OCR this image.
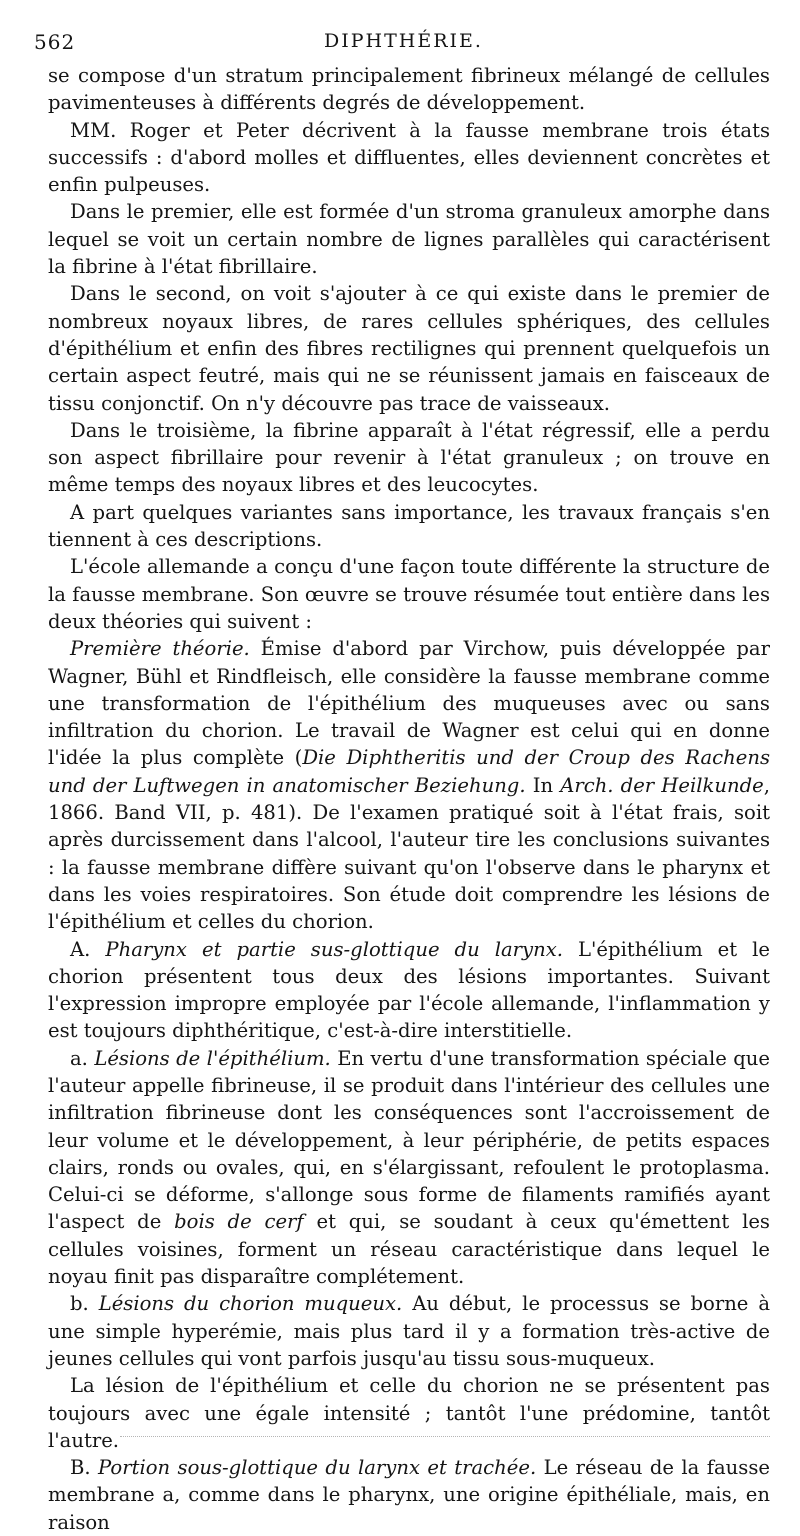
562	DIPHTHÉRIE.

se compose d'un stratum principalement fibrineux mélangé de cellules pavimenteuses à différents degrés de développement.

MM. Roger et Peter décrivent à la fausse membrane trois états successifs : d'abord molles et diffluentes, elles deviennent concrètes et enfin pulpeuses.

Dans le premier, elle est formée d'un stroma granuleux amorphe dans lequel se voit un certain nombre de lignes parallèles qui caractérisent la fibrine à l'état fibrillaire.

Dans le second, on voit s'ajouter à ce qui existe dans le premier de nombreux noyaux libres, de rares cellules sphériques, des cellules d'épithélium et enfin des fibres rectilignes qui prennent quelquefois un certain aspect feutré, mais qui ne se réunissent jamais en faisceaux de tissu conjonctif. On n'y découvre pas trace de vaisseaux.

Dans le troisième, la fibrine apparaît à l'état régressif, elle a perdu son aspect fibrillaire pour revenir à l'état granuleux ; on trouve en même temps des noyaux libres et des leucocytes.

A part quelques variantes sans importance, les travaux français s'en tiennent à ces descriptions.

L'école allemande a conçu d'une façon toute différente la structure de la fausse membrane. Son œuvre se trouve résumée tout entière dans les deux théories qui suivent :

Première théorie. Émise d'abord par Virchow, puis développée par Wagner, Bühl et Rindfleisch, elle considère la fausse membrane comme une transformation de l'épithélium des muqueuses avec ou sans infiltration du chorion. Le travail de Wagner est celui qui en donne l'idée la plus complète (Die Diphtheritis und der Croup des Rachens und der Luftwegen in anatomischer Beziehung. In Arch. der Heilkunde, 1866. Band VII, p. 481). De l'examen pratiqué soit à l'état frais, soit après durcissement dans l'alcool, l'auteur tire les conclusions suivantes : la fausse membrane diffère suivant qu'on l'observe dans le pharynx et dans les voies respiratoires. Son étude doit comprendre les lésions de l'épithélium et celles du chorion.

A. Pharynx et partie sus-glottique du larynx. L'épithélium et le chorion présentent tous deux des lésions importantes. Suivant l'expression impropre employée par l'école allemande, l'inflammation y est toujours diphthéritique, c'est-à-dire interstitielle.

a. Lésions de l'épithélium. En vertu d'une transformation spéciale que l'auteur appelle fibrineuse, il se produit dans l'intérieur des cellules une infiltration fibrineuse dont les conséquences sont l'accroissement de leur volume et le développement, à leur périphérie, de petits espaces clairs, ronds ou ovales, qui, en s'élargissant, refoulent le protoplasma. Celui-ci se déforme, s'allonge sous forme de filaments ramifiés ayant l'aspect de bois de cerf et qui, se soudant à ceux qu'émettent les cellules voisines, forment un réseau caractéristique dans lequel le noyau finit pas disparaître complétement.

b. Lésions du chorion muqueux. Au début, le processus se borne à une simple hyperémie, mais plus tard il y a formation très-active de jeunes cellules qui vont parfois jusqu'au tissu sous-muqueux.

La lésion de l'épithélium et celle du chorion ne se présentent pas toujours avec une égale intensité ; tantôt l'une prédomine, tantôt l'autre.

B. Portion sous-glottique du larynx et trachée. Le réseau de la fausse membrane a, comme dans le pharynx, une origine épithéliale, mais, en raison
